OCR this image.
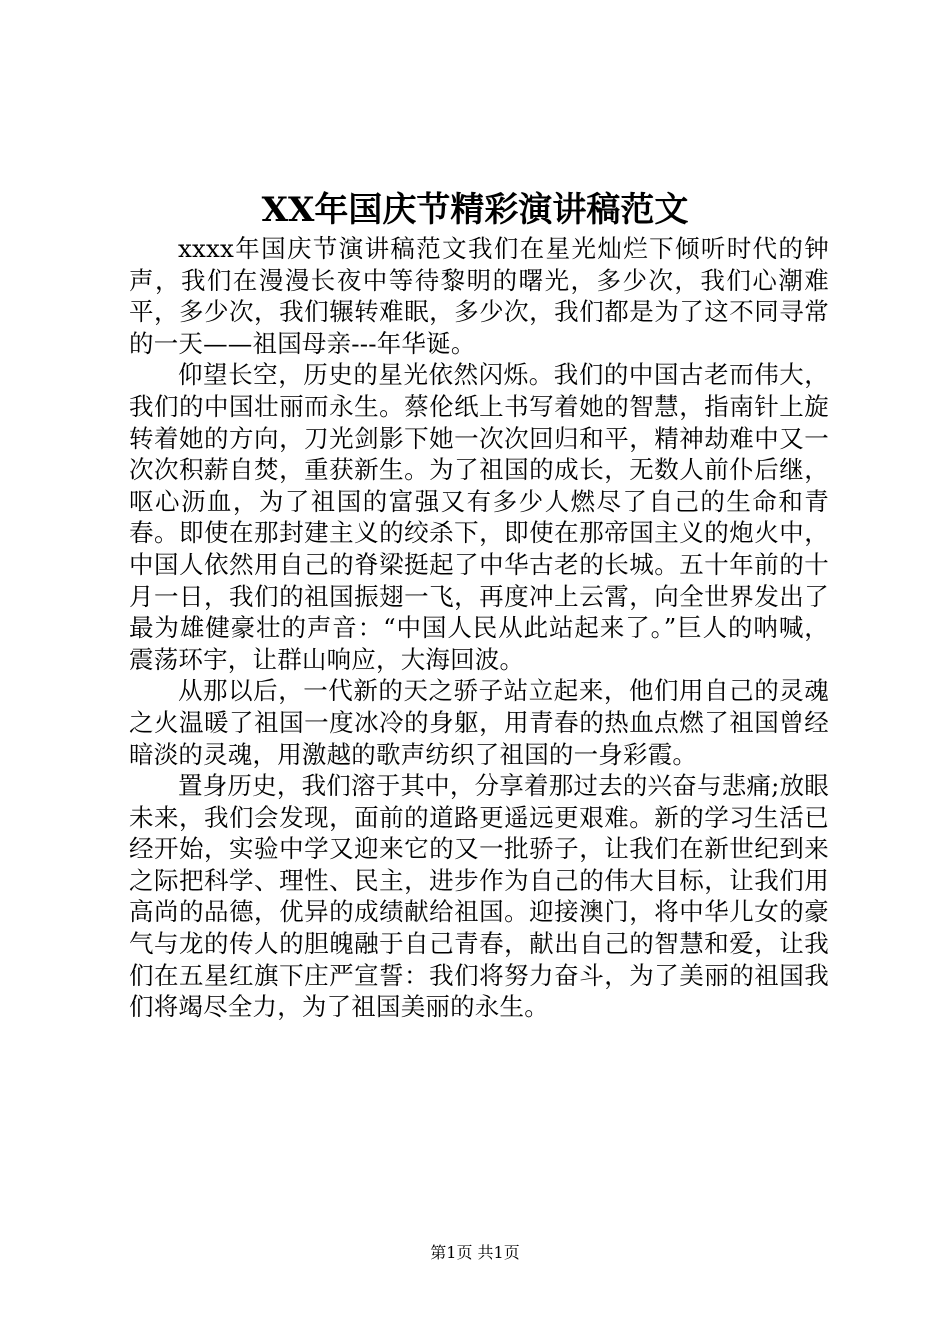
XX年国庆节精彩演讲稿范文

xxxx年国庆节演讲稿范文我们在星光灿烂下倾听时代的钟声，我们在漫漫长夜中等待黎明的曙光，多少次，我们心潮难平，多少次，我们辗转难眠，多少次，我们都是为了这不同寻常的一天——祖国母亲---年华诞。

仰望长空，历史的星光依然闪烁。我们的中国古老而伟大，我们的中国壮丽而永生。蔡伦纸上书写着她的智慧，指南针上旋转着她的方向，刀光剑影下她一次次回归和平，精神劫难中又一次次积薪自焚，重获新生。为了祖国的成长，无数人前仆后继，呕心沥血，为了祖国的富强又有多少人燃尽了自己的生命和青春。即使在那封建主义的绞杀下，即使在那帝国主义的炮火中，中国人依然用自己的脊梁挺起了中华古老的长城。五十年前的十月一日，我们的祖国振翅一飞，再度冲上云霄，向全世界发出了最为雄健豪壮的声音：“中国人民从此站起来了。”巨人的呐喊，震荡环宇，让群山响应，大海回波。

从那以后，一代新的天之骄子站立起来，他们用自己的灵魂之火温暖了祖国一度冰冷的身躯，用青春的热血点燃了祖国曾经暗淡的灵魂，用激越的歌声纺织了祖国的一身彩霞。

置身历史，我们溶于其中，分享着那过去的兴奋与悲痛;放眼未来，我们会发现，面前的道路更遥远更艰难。新的学习生活已经开始，实验中学又迎来它的又一批骄子，让我们在新世纪到来之际把科学、理性、民主，进步作为自己的伟大目标，让我们用高尚的品德，优异的成绩献给祖国。迎接澳门，将中华儿女的豪气与龙的传人的胆魄融于自己青春，献出自己的智慧和爱，让我们在五星红旗下庄严宣誓：我们将努力奋斗，为了美丽的祖国我们将竭尽全力，为了祖国美丽的永生。

第1页 共1页
